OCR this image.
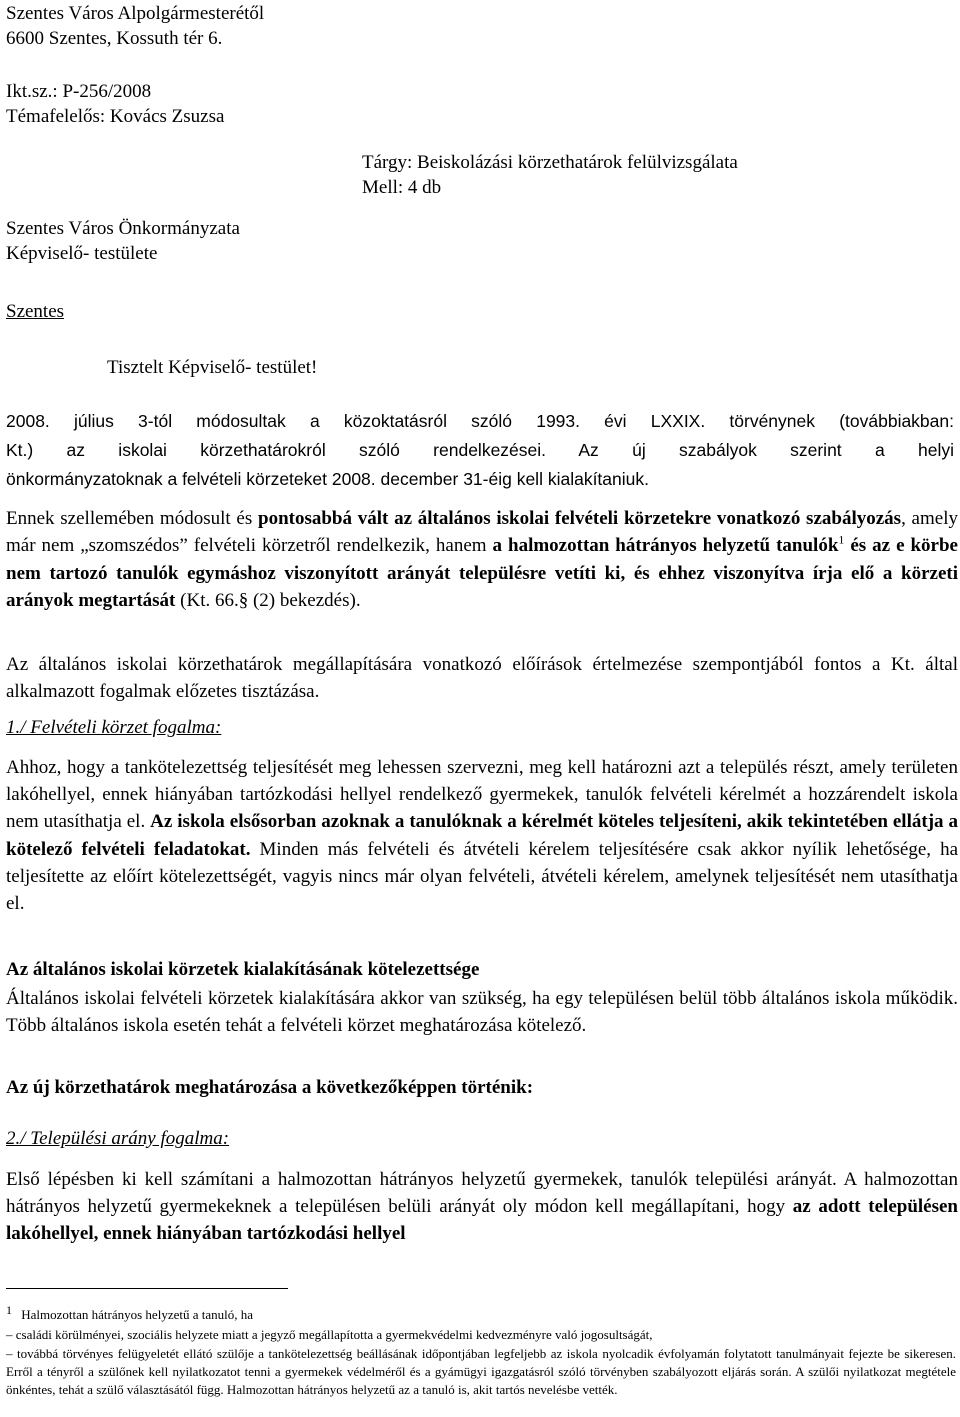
Szentes Város Alpolgármesterétől
6600 Szentes, Kossuth tér 6.
Ikt.sz.: P-256/2008
Témafelelős: Kovács Zsuzsa
Tárgy: Beiskolázási körzethatárok felülvizsgálata
Mell: 4 db
Szentes Város Önkormányzata
Képviselő- testülete
Szentes
Tisztelt Képviselő- testület!
2008. július 3-tól módosultak a közoktatásról szóló 1993. évi LXXIX. törvénynek (továbbiakban:
Kt.) az iskolai körzethatárokról szóló rendelkezései. Az új szabályok szerint a helyi
önkormányzatoknak a felvételi körzeteket 2008. december 31-éig kell kialakítaniuk.
Ennek szellemében módosult és pontosabbá vált az általános iskolai felvételi körzetekre vonatkozó szabályozás, amely már nem „szomszédos” felvételi körzetről rendelkezik, hanem a halmozottan hátrányos helyzetű tanulók$^1$ és az e körbe nem tartozó tanulók egymáshoz viszonyított arányát településre vetíti ki, és ehhez viszonyítva írja elő a körzeti arányok megtartását (Kt. 66.§ (2) bekezdés).
Az általános iskolai körzethatárok megállapítására vonatkozó előírások értelmezése szempontjából fontos a Kt. által alkalmazott fogalmak előzetes tisztázása.
1./ Felvételi körzet fogalma:
Ahhoz, hogy a tankötelezettség teljesítését meg lehessen szervezni, meg kell határozni azt a település részt, amely területen lakóhellyel, ennek hiányában tartózkodási hellyel rendelkező gyermekek, tanulók felvételi kérelmét a hozzárendelt iskola nem utasíthatja el. Az iskola elsősorban azoknak a tanulóknak a kérelmét köteles teljesíteni, akik tekintetében ellátja a kötelező felvételi feladatokat. Minden más felvételi és átvételi kérelem teljesítésére csak akkor nyílik lehetősége, ha teljesítette az előírt kötelezettségét, vagyis nincs már olyan felvételi, átvételi kérelem, amelynek teljesítését nem utasíthatja el.
Az általános iskolai körzetek kialakításának kötelezettsége
Általános iskolai felvételi körzetek kialakítására akkor van szükség, ha egy településen belül több általános iskola működik. Több általános iskola esetén tehát a felvételi körzet meghatározása kötelező.
Az új körzethatárok meghatározása a következőképpen történik:
2./ Települési arány fogalma:
Első lépésben ki kell számítani a halmozottan hátrányos helyzetű gyermekek, tanulók települési arányát. A halmozottan hátrányos helyzetű gyermekeknek a településen belüli arányát oly módon kell megállapítani, hogy az adott településen lakóhellyel, ennek hiányában tartózkodási hellyel
1 Halmozottan hátrányos helyzetű a tanuló, ha
– családi körülményei, szociális helyzete miatt a jegyző megállapította a gyermekvédelmi kedvezményre való jogosultságát,
– továbbá törvényes felügyeletét ellátó szülője a tankötelezettség beállásának időpontjában legfeljebb az iskola nyolcadik évfolyamán folytatott tanulmányait fejezte be sikeresen. Erről a tényről a szülőnek kell nyilatkozatot tenni a gyermekek védelméről és a gyámügyi igazgatásról szóló törvényben szabályozott eljárás során. A szülői nyilatkozat megtétele önkéntes, tehát a szülő választásától függ. Halmozottan hátrányos helyzetű az a tanuló is, akit tartós nevelésbe vették.
